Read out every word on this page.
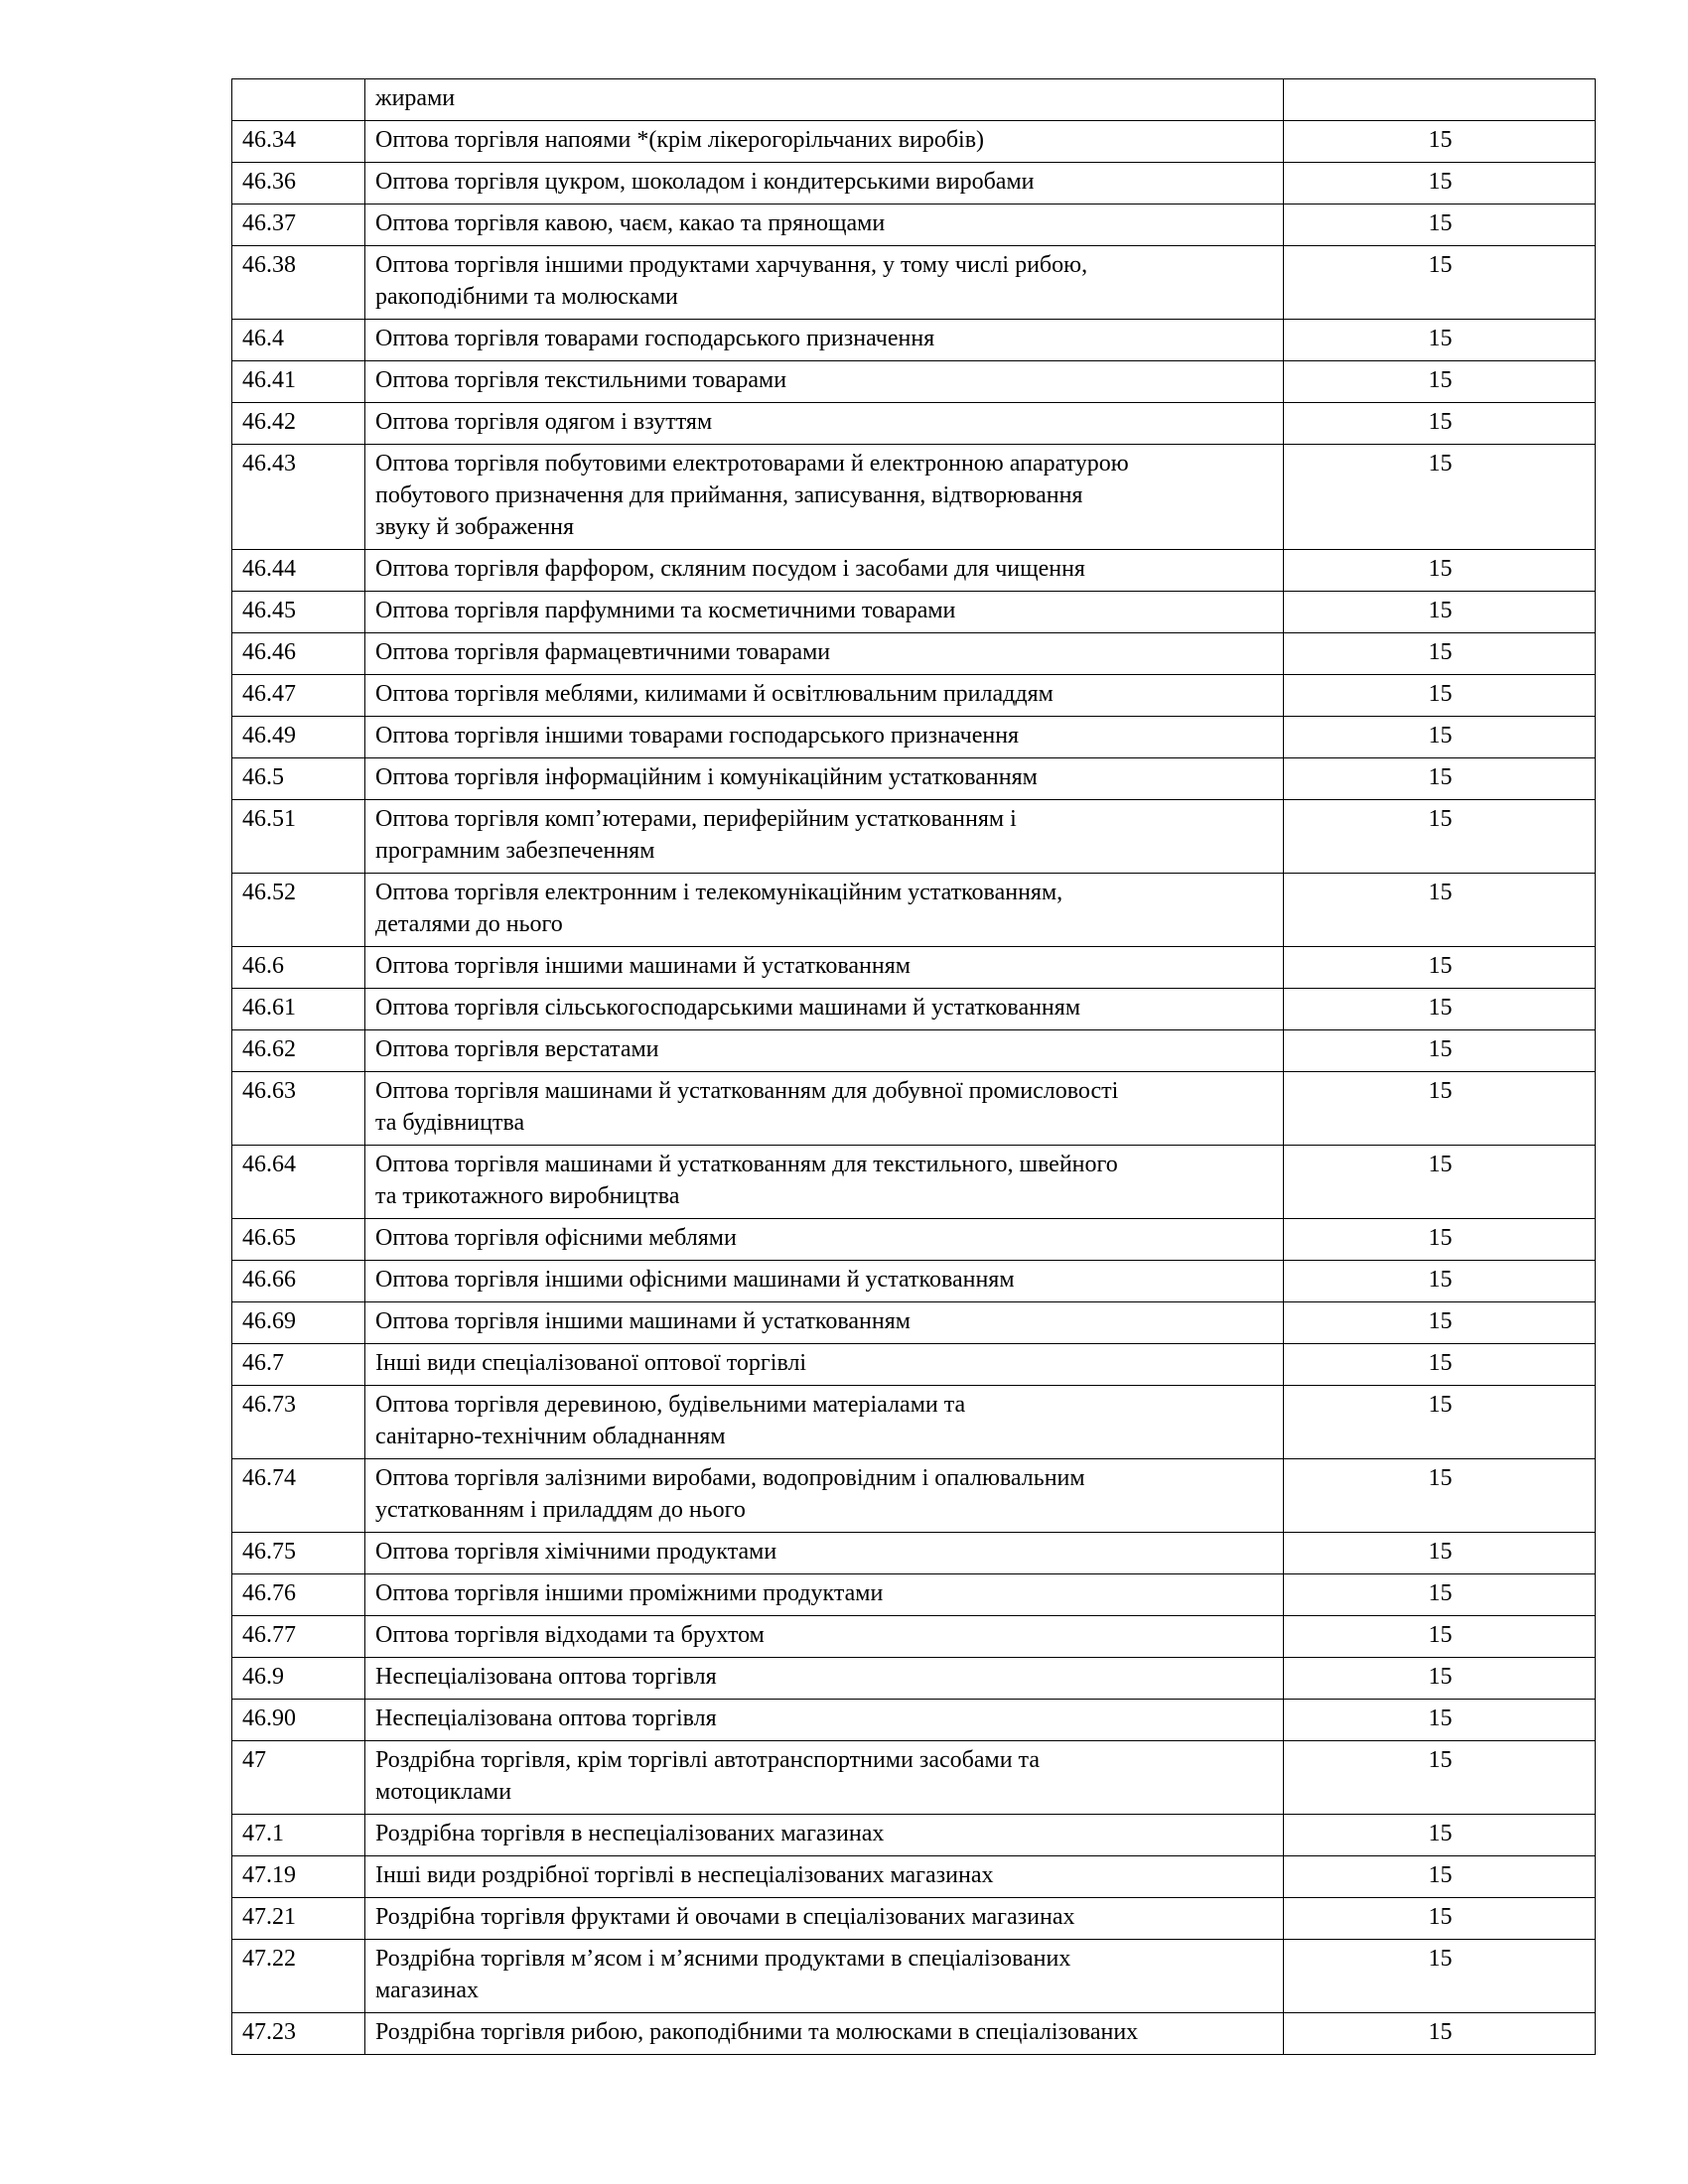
	жирами	
46.34	Оптова торгівля напоями *(крім лікерогорільчаних виробів)	15
46.36	Оптова торгівля цукром, шоколадом і кондитерськими виробами	15
46.37	Оптова торгівля кавою, чаєм, какао та прянощами	15
46.38	Оптова торгівля іншими продуктами харчування, у тому числі рибою,
ракоподібними та молюсками	15
46.4	Оптова торгівля товарами господарського призначення	15
46.41	Оптова торгівля текстильними товарами	15
46.42	Оптова торгівля одягом і взуттям	15
46.43	Оптова торгівля побутовими електротоварами й електронною апаратурою
побутового призначення для приймання, записування, відтворювання
звуку й зображення	15
46.44	Оптова торгівля фарфором, скляним посудом і засобами для чищення	15
46.45	Оптова торгівля парфумними та косметичними товарами	15
46.46	Оптова торгівля фармацевтичними товарами	15
46.47	Оптова торгівля меблями, килимами й освітлювальним приладдям	15
46.49	Оптова торгівля іншими товарами господарського призначення	15
46.5	Оптова торгівля інформаційним і комунікаційним устаткованням	15
46.51	Оптова торгівля комп’ютерами, периферійним устаткованням і
програмним забезпеченням	15
46.52	Оптова торгівля електронним і телекомунікаційним устаткованням,
деталями до нього	15
46.6	Оптова торгівля іншими машинами й устаткованням	15
46.61	Оптова торгівля сільськогосподарськими машинами й устаткованням	15
46.62	Оптова торгівля верстатами	15
46.63	Оптова торгівля машинами й устаткованням для добувної промисловості
та будівництва	15
46.64	Оптова торгівля машинами й устаткованням для текстильного, швейного
та трикотажного виробництва	15
46.65	Оптова торгівля офісними меблями	15
46.66	Оптова торгівля іншими офісними машинами й устаткованням	15
46.69	Оптова торгівля іншими машинами й устаткованням	15
46.7	Інші види спеціалізованої оптової торгівлі	15
46.73	Оптова торгівля деревиною, будівельними матеріалами та
санітарно-технічним обладнанням	15
46.74	Оптова торгівля залізними виробами, водопровідним і опалювальним
устаткованням і приладдям до нього	15
46.75	Оптова торгівля хімічними продуктами	15
46.76	Оптова торгівля іншими проміжними продуктами	15
46.77	Оптова торгівля відходами та брухтом	15
46.9	Неспеціалізована оптова торгівля	15
46.90	Неспеціалізована оптова торгівля	15
47	Роздрібна торгівля, крім торгівлі автотранспортними засобами та
мотоциклами	15
47.1	Роздрібна торгівля в неспеціалізованих магазинах	15
47.19	Інші види роздрібної торгівлі в неспеціалізованих магазинах	15
47.21	Роздрібна торгівля фруктами й овочами в спеціалізованих магазинах	15
47.22	Роздрібна торгівля м’ясом і м’ясними продуктами в спеціалізованих
магазинах	15
47.23	Роздрібна торгівля рибою, ракоподібними та молюсками в спеціалізованих	15
